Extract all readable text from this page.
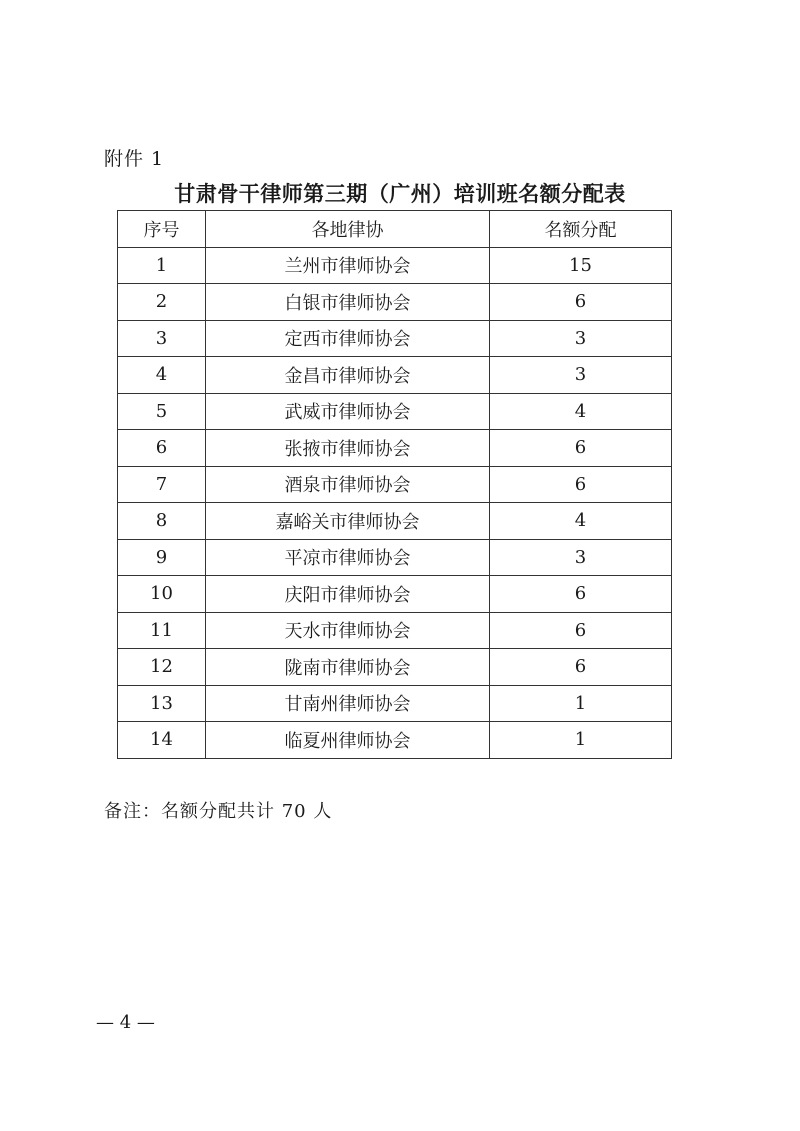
附件 1
甘肃骨干律师第三期（广州）培训班名额分配表
序号	各地律协	名额分配
1	兰州市律师协会	15
2	白银市律师协会	6
3	定西市律师协会	3
4	金昌市律师协会	3
5	武威市律师协会	4
6	张掖市律师协会	6
7	酒泉市律师协会	6
8	嘉峪关市律师协会	4
9	平凉市律师协会	3
10	庆阳市律师协会	6
11	天水市律师协会	6
12	陇南市律师协会	6
13	甘南州律师协会	1
14	临夏州律师协会	1
备注：名额分配共计 70 人
— 4 —
